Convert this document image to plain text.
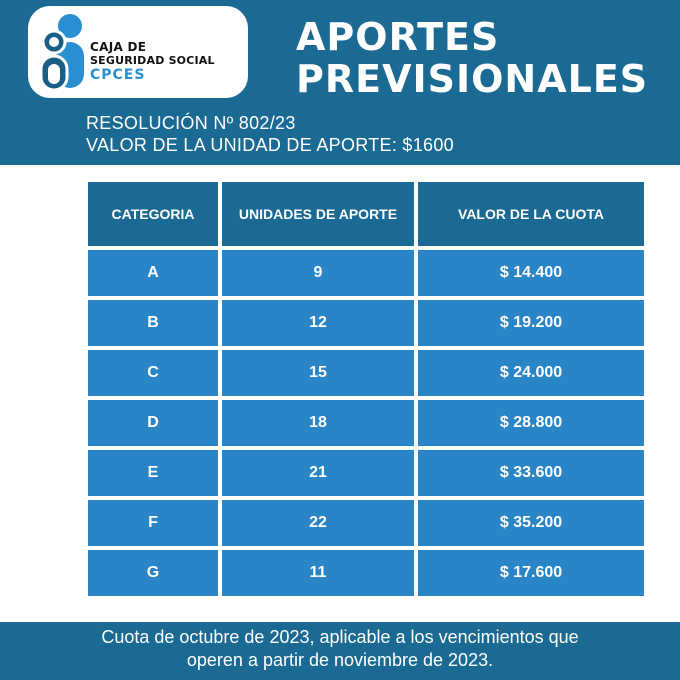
CAJA DE
SEGURIDAD SOCIAL
CPCES
APORTES
PREVISIONALES

RESOLUCIÓN Nº 802/23
VALOR DE LA UNIDAD DE APORTE: $1600

CATEGORIA	UNIDADES DE APORTE	VALOR DE LA CUOTA
A	9	$ 14.400
B	12	$ 19.200
C	15	$ 24.000
D	18	$ 28.800
E	21	$ 33.600
F	22	$ 35.200
G	11	$ 17.600
Cuota de octubre de 2023, aplicable a los vencimientos que
operen a partir de noviembre de 2023.
